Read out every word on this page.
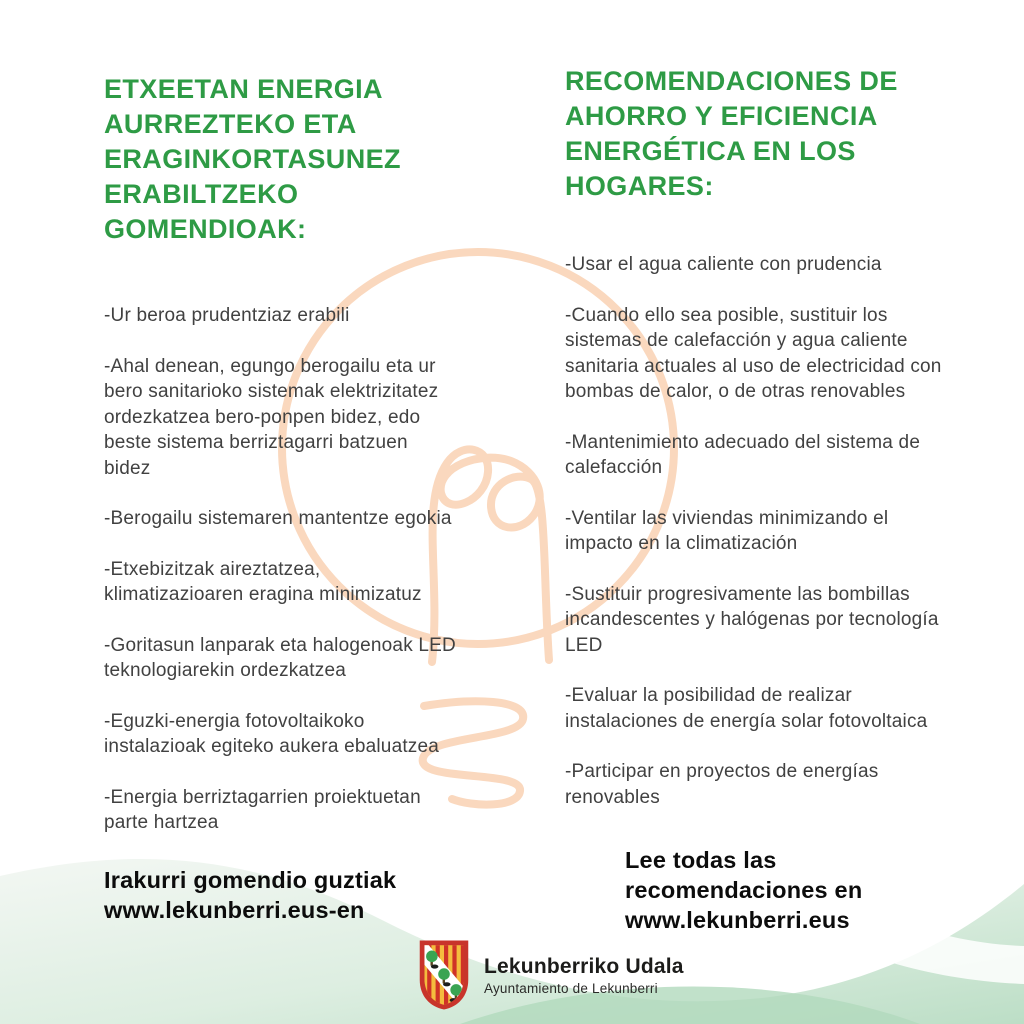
ETXEETAN ENERGIA
AURREZTEKO ETA
ERAGINKORTASUNEZ
ERABILTZEKO
GOMENDIOAK:
-Ur beroa prudentziaz erabili
-Ahal denean, egungo berogailu eta ur bero sanitarioko sistemak elektrizitatez ordezkatzea bero-ponpen bidez, edo beste sistema berriztagarri batzuen bidez
-Berogailu sistemaren mantentze egokia
-Etxebizitzak aireztatzea, klimatizazioaren eragina minimizatuz
-Goritasun lanparak eta halogenoak LED teknologiarekin ordezkatzea
-Eguzki-energia fotovoltaikoko instalazioak egiteko aukera ebaluatzea
-Energia berriztagarrien proiektuetan parte hartzea
RECOMENDACIONES DE
AHORRO Y EFICIENCIA
ENERGÉTICA EN LOS
HOGARES:
-Usar el agua caliente con prudencia
-Cuando ello sea posible, sustituir los sistemas de calefacción y agua caliente sanitaria actuales al uso de electricidad con bombas de calor, o de otras renovables
-Mantenimiento adecuado del sistema de calefacción
-Ventilar las viviendas minimizando el impacto en la climatización
-Sustituir progresivamente las bombillas incandescentes y halógenas por tecnología LED
-Evaluar la posibilidad de realizar instalaciones de energía solar fotovoltaica
-Participar en proyectos de energías renovables
Irakurri gomendio guztiak
www.lekunberri.eus-en
Lee todas las
recomendaciones en
www.lekunberri.eus
Lekunberriko Udala
Ayuntamiento de Lekunberri
